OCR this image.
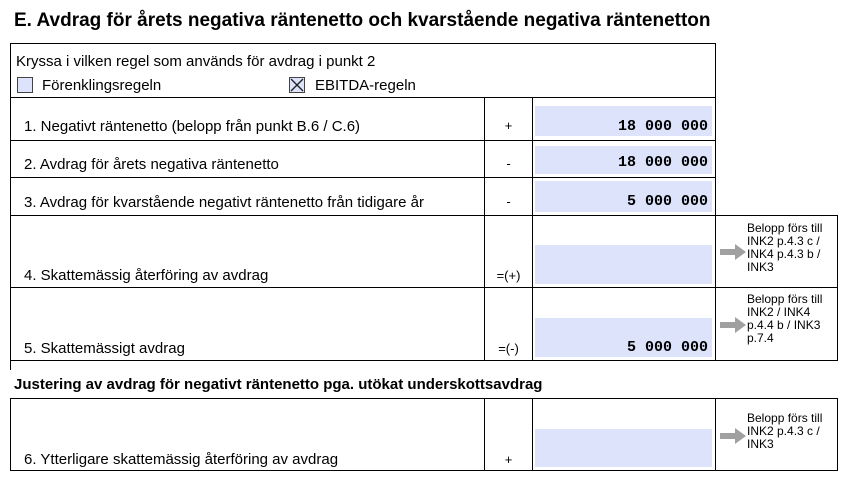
E. Avdrag för årets negativa räntenetto och kvarstående negativa räntenetton
Kryssa i vilken regel som används för avdrag i punkt 2
Förenklingsregeln	EBITDA-regeln
1. Negativt räntenetto (belopp från punkt B.6 / C.6)	+	18 000 000
2. Avdrag för årets negativa räntenetto	-	18 000 000
3. Avdrag för kvarstående negativt räntenetto från tidigare år	-	5 000 000
4. Skattemässig återföring av avdrag	=(+)
Belopp förs till
INK2 p.4.3 c /
INK4 p.4.3 b /
INK3
5. Skattemässigt avdrag	=(-)	5 000 000
Belopp förs till
INK2 / INK4
p.4.4 b / INK3
p.7.4
Justering av avdrag för negativt räntenetto pga. utökat underskottsavdrag
6. Ytterligare skattemässig återföring av avdrag	+
Belopp förs till
INK2 p.4.3 c /
INK3
